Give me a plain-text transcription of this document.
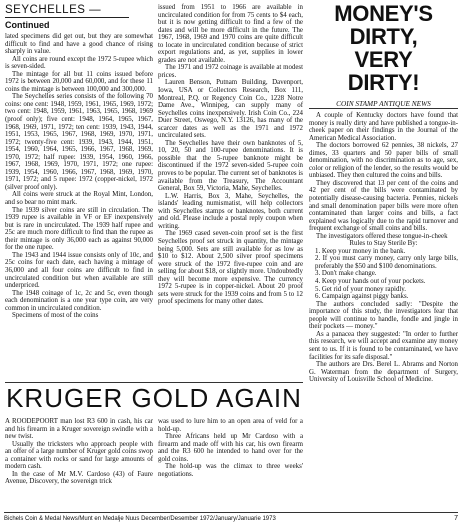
SEYCHELLES —
Continued

lated specimens did get out, but they are somewhat difficult to find and have a good chance of rising sharply in value.

All coins are round except the 1972 5-rupee which is seven-sided.

The mintage for all but 11 coins issued before 1972 is between 20,000 and 60,000, and for these 11 coins the mintage is between 100,000 and 300,000.

The Seychelles series consists of the following 70 coins: one cent: 1948, 1959, 1961, 1965, 1969, 1972; two cent: 1948, 1959, 1961, 1963, 1965, 1968, 1969 (proof only); five cent: 1948, 1964, 1965, 1967, 1968, 1969, 1971, 1972; ten cent: 1939, 1943, 1944, 1951, 1953, 1965, 1967, 1968, 1969, 1970, 1971, 1972; twenty-five cent: 1939, 1943, 1944, 1951, 1954, 1960, 1964, 1965, 1966, 1967, 1968, 1969, 1970, 1972; half rupee: 1939, 1954, 1960, 1966, 1967, 1968, 1969, 1970, 1971, 1972; one rupee: 1939, 1954, 1960, 1966, 1967, 1968, 1969, 1970, 1971, 1972; and 5 rupee: 1972 (copper-nickel, 1972 (silver proof only).

All coins were struck at the Royal Mint, London, and so bear no mint mark.

The 1939 silver coins are still in circulation. The 1939 rupee is available in VF or EF inexpensively but is rare in uncirculated. The 1939 half rupee and 25c are much more difficult to find than the rupee as their mintage is only 36,000 each as against 90,000 for the one rupee.

The 1943 and 1944 issue consists only of 10c, and 25c coins for each date, each having a mintage of 36,000 and all four coins are difficult to find in uncirculated condition but when available are still underpriced.

The 1948 coinage of 1c, 2c and 5c, even though each denomination is a one year type coin, are very common in uncirculated condition.

Specimens of most of the coins

issued from 1951 to 1966 are available in uncirculated condition for from 75 cents to $4 each, but it is now getting difficult to find a few of the dates and will be more difficult in the future. The 1967, 1968, 1969 and 1970 coins are quite difficult to locate in uncirculated condition because of strict export regulations and, as yet, supplies in lower grades are not available.

The 1971 and 1972 coinage is available at modest prices.

Lauren Benson, Putnam Building, Davenport, Iowa, USA or Collectors Research, Box 111, Montreal, P.Q. or Regency Coin Co., 1228 Notre Dame Ave., Winnipeg, can supply many of Seychelles coins inexpensively. Irish Coin Co., 224 Duer Street, Oswego, N.Y. 13126, has many of the scarcer dates as well as the 1971 and 1972 uncirculated sets.

The Seychelles have their own banknotes of 5, 10, 20, 50 and 100-rupee denominations. It is possible that the 5-rupee banknote might be discontinued if the 1972 seven-sided 5-rupee coin proves to be popular. The current set of banknotes is available from the Treasury, The Accountant General, Box 59, Victoria, Mahe, Seychelles.

L.W. Harris, Box 3, Mahe, Seychelles, the islands' leading numismatist, will help collectors with Seychelles stamps or banknotes, both current and old. Please include a postal reply coupon when writing.

The 1969 cased seven-coin proof set is the first Seychelles proof set struck in quantity, the mintage being 5,000. Sets are still available for as low as $10 to $12. About 2,500 silver proof specimens were struck of the 1972 five-rupee coin and are selling for about $18, or slightly more. Undoubtedly they will become more expensive. The currency 1972 5-rupee is in copper-nickel. About 20 proof sets were struck for the 1939 coins and from 5 to 12 proof specimens for many other dates.

MONEY'S
DIRTY,
VERY
DIRTY!
COIN STAMP ANTIQUE NEWS

A couple of Kentucky doctors have found that money is really dirty and have published a tongue-in-cheek paper on their findings in the Journal of the American Medical Association.

The doctors borrowed 62 pennies, 38 nickels, 27 dimes, 33 quarters and 50 paper bills of small denomination, with no discrimination as to age, sex, color or religion of the lender, so the results would be unbiased. They then cultured the coins and bills.

They discovered that 13 per cent of the coins and 42 per cent of the bills were contaminated by potentially disease-causing bacteria. Pennies, nickels and small denomination paper bills were more often contaminated than larger coins and bills, a fact explained was logically due to the rapid turnover and frequent exchange of small coins and bills.

The investigators offered these tongue-in-cheek

Rules to Stay Sterile By:

1. Keep your money in the bank.

2. If you must carry money, carry only large bills, preferably the $50 and $100 denominations.

3. Don't make change.

4. Keep your hands out of your pockets.

5. Get rid of your money rapidly.

6. Campaign against piggy banks.

The authors concluded sadly: "Despite the importance of this study, the investigators fear that people will continue to handle, fondle and jingle in their pockets — money."

As a panacea they suggested: "In order to further this research, we will accept and examine any money sent to us. If it is found to be contaminated, we have facilities for its safe disposal."

The authors are Drs. Berel L. Abrams and Norton G. Waterman from the department of Surgery, University of Louisville School of Medicine.

KRUGER GOLD AGAIN

A ROODEPOORT man lost R3 600 in cash, his car and his firearm in a Kruger sovereign swindle with a new twist.

Usually the tricksters who approach people with an offer of a large number of Kruger gold coins swop a container with rocks or sand for large amounts of modern cash.

In the case of Mr M.V. Cardoso (43) of Faure Avenue, Discovery, the sovereign trick

was used to lure him to an open area of veld for a hold-up.

Three Africans held up Mr Cardoso with a firearm and made off with his car, his own firearm and the R3 600 he intended to hand over for the gold coins.

The hold-up was the climax to three weeks' negotiations.

Bichels Coin & Medal News/Munt en Medalje Nuus December/Desember 1972/January/Januarie 1973	7
